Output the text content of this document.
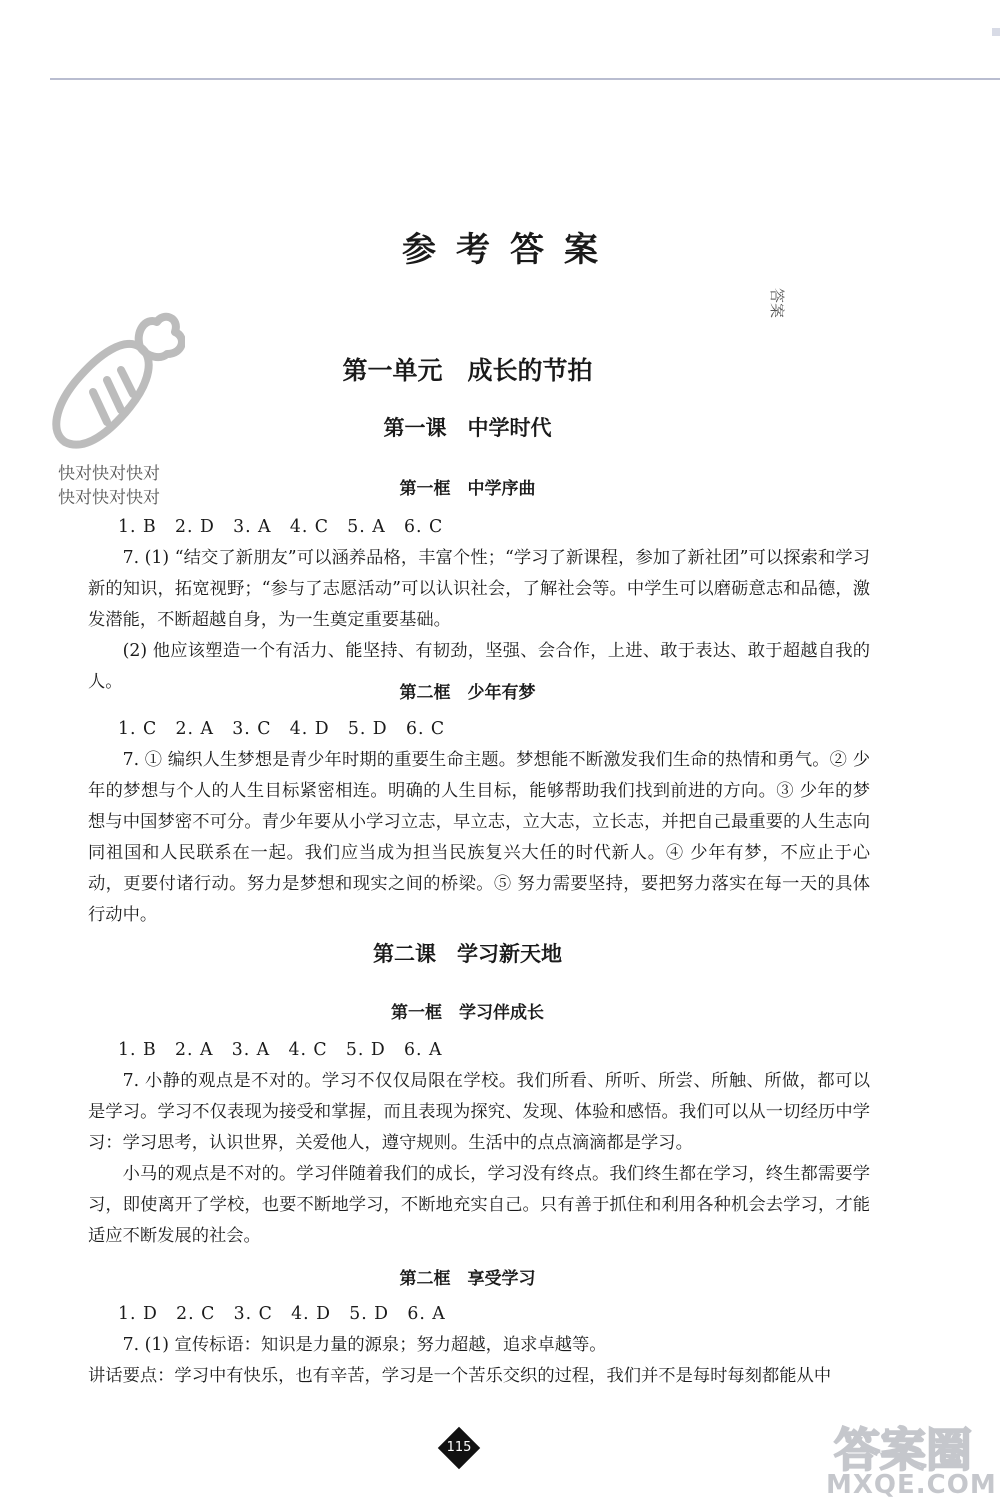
参考答案
答案
快对快对快对
快对快对快对
第一单元　成长的节拍
第一课　中学时代
第一框　中学序曲
1. B　2. D　3. A　4. C　5. A　6. C

7. (1) “结交了新朋友”可以涵养品格，丰富个性；“学习了新课程，参加了新社团”可以探索和学习新的知识，拓宽视野；“参与了志愿活动”可以认识社会，了解社会等。中学生可以磨砺意志和品德，激发潜能，不断超越自身，为一生奠定重要基础。

(2) 他应该塑造一个有活力、能坚持、有韧劲，坚强、会合作，上进、敢于表达、敢于超越自我的人。

第二框　少年有梦
1. C　2. A　3. C　4. D　5. D　6. C

7. ① 编织人生梦想是青少年时期的重要生命主题。梦想能不断激发我们生命的热情和勇气。② 少年的梦想与个人的人生目标紧密相连。明确的人生目标，能够帮助我们找到前进的方向。③ 少年的梦想与中国梦密不可分。青少年要从小学习立志，早立志，立大志，立长志，并把自己最重要的人生志向同祖国和人民联系在一起。我们应当成为担当民族复兴大任的时代新人。④ 少年有梦，不应止于心动，更要付诸行动。努力是梦想和现实之间的桥梁。⑤ 努力需要坚持，要把努力落实在每一天的具体行动中。

第二课　学习新天地
第一框　学习伴成长
1. B　2. A　3. A　4. C　5. D　6. A

7. 小静的观点是不对的。学习不仅仅局限在学校。我们所看、所听、所尝、所触、所做，都可以是学习。学习不仅表现为接受和掌握，而且表现为探究、发现、体验和感悟。我们可以从一切经历中学习：学习思考，认识世界，关爱他人，遵守规则。生活中的点点滴滴都是学习。

小马的观点是不对的。学习伴随着我们的成长，学习没有终点。我们终生都在学习，终生都需要学习，即使离开了学校，也要不断地学习，不断地充实自己。只有善于抓住和利用各种机会去学习，才能适应不断发展的社会。

第二框　享受学习
1. D　2. C　3. C　4. D　5. D　6. A

7. (1) 宣传标语：知识是力量的源泉；努力超越，追求卓越等。

讲话要点：学习中有快乐，也有辛苦，学习是一个苦乐交织的过程，我们并不是每时每刻都能从中

115	答案圈
MXQE.COM
